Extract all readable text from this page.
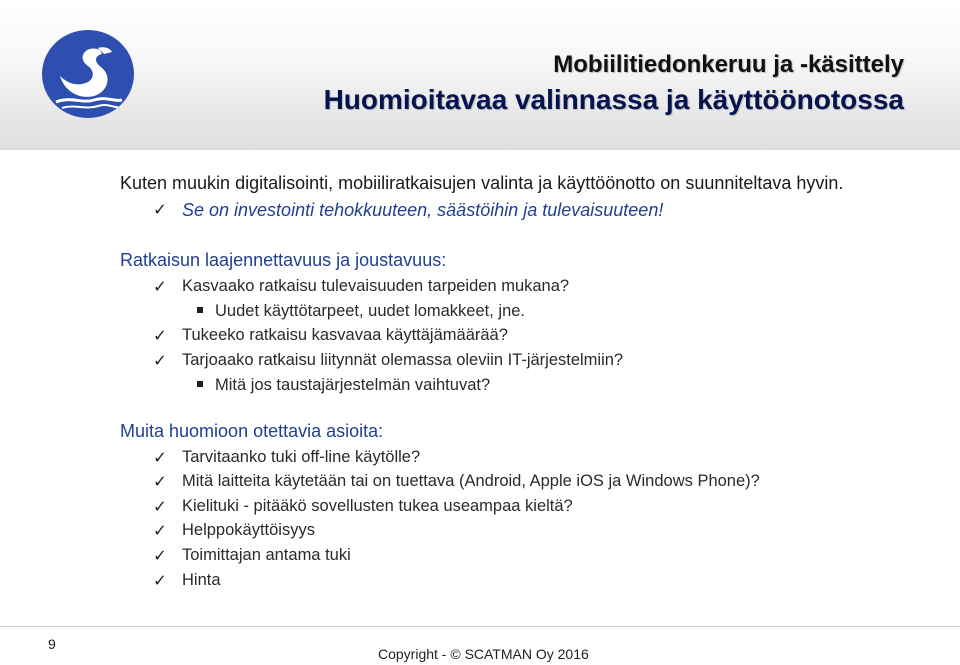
Mobiilitiedonkeruu ja -käsittely
Huomioitavaa valinnassa ja käyttöönotossa
Kuten muukin digitalisointi, mobiiliratkaisujen valinta ja käyttöönotto on suunniteltava hyvin.
✓ Se on investointi tehokkuuteen, säästöihin ja tulevaisuuteen!
Ratkaisun laajennettavuus ja joustavuus:
✓ Kasvaako ratkaisu tulevaisuuden tarpeiden mukana?
Uudet käyttötarpeet, uudet lomakkeet, jne.
✓ Tukeeko ratkaisu kasvavaa käyttäjämäärää?
✓ Tarjoaako ratkaisu liitynnät olemassa oleviin IT-järjestelmiin?
Mitä jos taustajärjestelmän vaihtuvat?
Muita huomioon otettavia asioita:
✓ Tarvitaanko tuki off-line käytölle?
✓ Mitä laitteita käytetään tai on tuettava (Android, Apple iOS ja Windows Phone)?
✓ Kielituki - pitääkö sovellusten tukea useampaa kieltä?
✓ Helppokäyttöisyys
✓ Toimittajan antama tuki
✓ Hinta
9
Copyright - © SCATMAN Oy 2016
